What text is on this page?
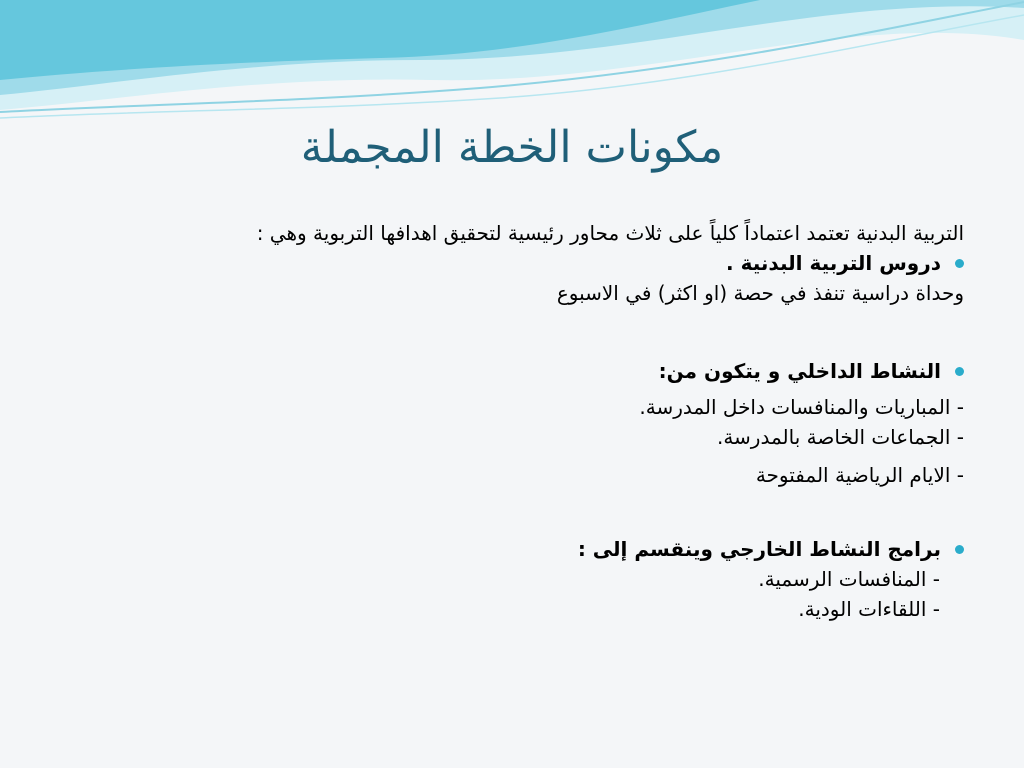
مكونات الخطة المجملة

التربية البدنية تعتمد اعتماداً كلياً على ثلاث محاور رئيسية لتحقيق اهدافها التربوية وهي :

دروس التربية البدنية .

وحداة دراسية تنفذ في حصة (او اكثر) في الاسبوع

النشاط الداخلي و يتكون من:

- المباريات والمنافسات داخل المدرسة.

- الجماعات الخاصة بالمدرسة.

- الايام الرياضية المفتوحة

برامج النشاط الخارجي وينقسم إلى :

- المنافسات الرسمية.

- اللقاءات الودية.
